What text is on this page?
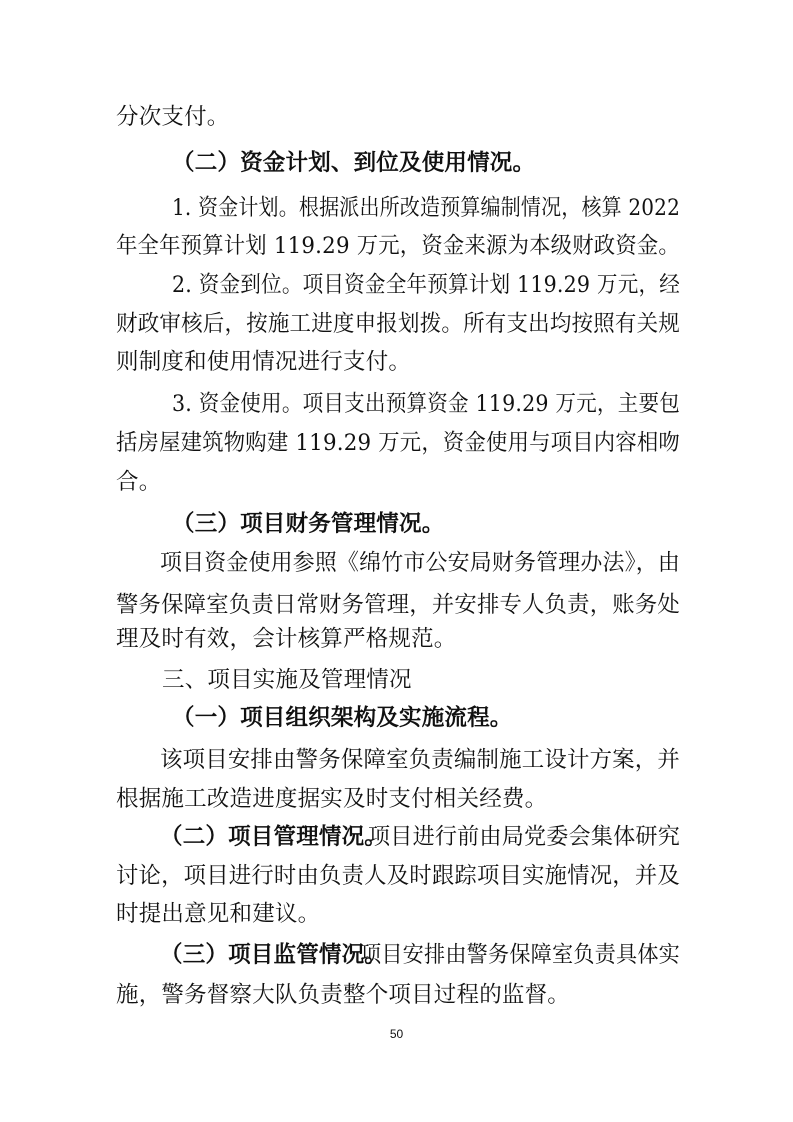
分次支付。
（二）资金计划、到位及使用情况。
1. 资金计划。根据派出所改造预算编制情况，核算 2022
年全年预算计划 119.29 万元，资金来源为本级财政资金。
2. 资金到位。项目资金全年预算计划 119.29 万元，经
财政审核后，按施工进度申报划拨。所有支出均按照有关规
则制度和使用情况进行支付。
3. 资金使用。项目支出预算资金 119.29 万元，主要包
括房屋建筑物购建 119.29 万元，资金使用与项目内容相吻
合。
（三）项目财务管理情况。
项目资金使用参照《绵竹市公安局财务管理办法》，由
警务保障室负责日常财务管理，并安排专人负责，账务处
理及时有效，会计核算严格规范。
三、项目实施及管理情况
（一）项目组织架构及实施流程。
该项目安排由警务保障室负责编制施工设计方案，并
根据施工改造进度据实及时支付相关经费。
（二）项目管理情况。
项目进行前由局党委会集体研究
讨论，项目进行时由负责人及时跟踪项目实施情况，并及
时提出意见和建议。
（三）项目监管情况。
项目安排由警务保障室负责具体实
施，警务督察大队负责整个项目过程的监督。
50
